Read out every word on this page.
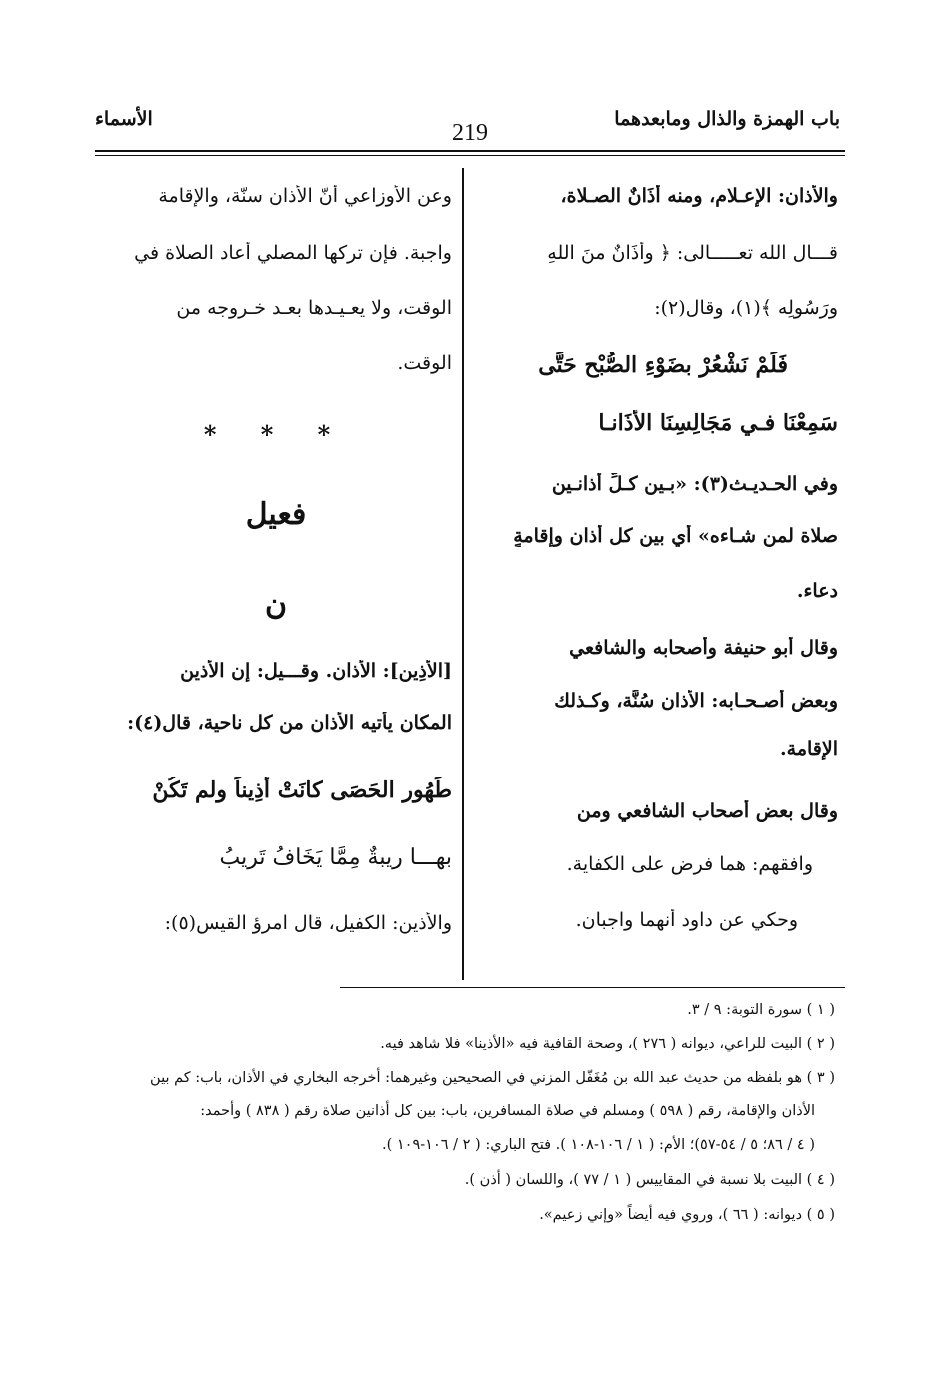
باب الهمزة والذال ومابعدهما
219
الأسماء
والأذان: الإعـلام، ومنه أَذَانٌ الصـلاة،
قـــال الله تعـــــالى: ﴿ وأَذَانٌ منَ اللهِ
ورَسُولِه ﴾(١)، وقال(٢):
فَلَمْ نَشْعُرْ بضَوْءِ الصُّبْحِ حَتَّى
سَمِعْنَا فـي مَجَالِسِنَا الأَذَانـا
وفي الحـديـث(٣): «بـين كـلِّ أذانـين
صلاة لمن شـاءه» أي بين كل أذان وإقامةٍ
دعاء.
وقال أبو حنيفة وأصحابه والشافعي
وبعض أصـحـابه: الأذان سُنَّة، وكـذلك
الإقامة.
وقال بعض أصحاب الشافعي ومن
وافقهم: هما فرض على الكفاية.
وحكي عن داود أنهما واجبان.
وعن الأوزاعي أنّ الأذان سنّة، والإقامة
واجبة. فإن تركها المصلي أعاد الصلاة في
الوقت، ولا يعـيـدها بعـد خـروجه من
الوقت.
* * *
فعيل
ن
[الأَذِين]: الأذان. وقـــيل: إن الأذين
المكان يأتيه الأذان من كل ناحية، قال(٤):
طَهُور الحَصَى كانَتْ أذِيناً ولم تَكُنْ
بهـــا رِيبةٌ مِمَّا يَخَافُ تَرِيبُ
والأذين: الكفيل، قال امرؤ القيس(٥):
( ١ ) سورة التوبة: ٩ / ٣.
( ٢ ) البيت للراعي، ديوانه ( ٢٧٦ )، وصحة القافية فيه «الأذينا» فلا شاهد فيه.
( ٣ ) هو بلفظه من حديث عبد الله بن مُغَفّل المزني في الصحيحين وغيرهما: أخرجه البخاري في الأذان، باب: كم بين
الأذان والإقامة، رقم ( ٥٩٨ ) ومسلم في صلاة المسافرين، باب: بين كل أذانين صلاة رقم ( ٨٣٨ ) وأحمد:
( ٤ / ٨٦؛ ٥ / ٥٤-٥٧)؛ الأم: ( ١ / ١٠٦-١٠٨ ). فتح الباري: ( ٢ / ١٠٦-١٠٩ ).
( ٤ ) البيت بلا نسبة في المقاييس ( ١ / ٧٧ )، واللسان ( أذن ).
( ٥ ) ديوانه: ( ٦٦ )، وروي فيه أيضاً «وإني زعيم».
